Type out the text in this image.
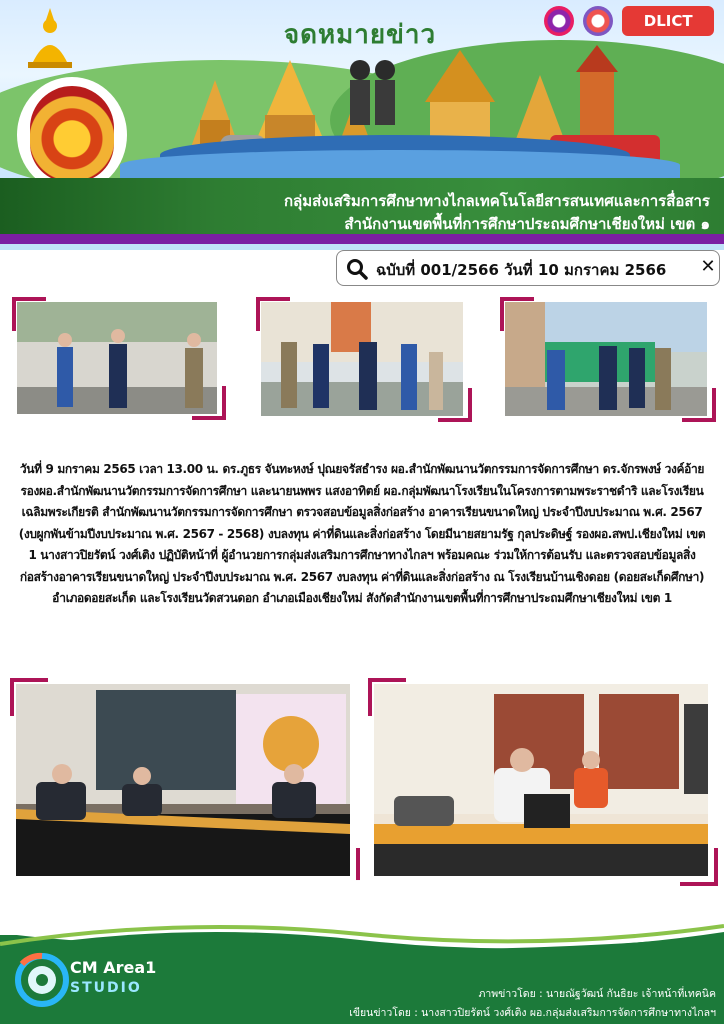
จดหมายข่าว	DLICT
กลุ่มส่งเสริมการศึกษาทางไกลเทคโนโลยีสารสนเทศและการสื่อสาร
สำนักงานเขตพื้นที่การศึกษาประถมศึกษาเชียงใหม่ เขต ๑
ฉบับที่ 001/2566 วันที่ 10 มกราคม 2566	✕
วันที่ 9 มกราคม 2565 เวลา 13.00 น. ดร.ภูธร จันทะหงษ์ ปุณยจรัสธำรง ผอ.สำนักพัฒนานวัตกรรมการจัดการศึกษา ดร.จักรพงษ์ วงค์อ้าย รองผอ.สำนักพัฒนานวัตกรรมการจัดการศึกษา และนายนพพร แสงอาทิตย์ ผอ.กลุ่มพัฒนาโรงเรียนในโครงการตามพระราชดำริ และโรงเรียนเฉลิมพระเกียรติ สำนักพัฒนานวัตกรรมการจัดการศึกษา ตรวจสอบข้อมูลสิ่งก่อสร้าง อาคารเรียนขนาดใหญ่ ประจำปีงบประมาณ พ.ศ. 2567 (งบผูกพันข้ามปีงบประมาณ พ.ศ. 2567 - 2568) งบลงทุน ค่าที่ดินและสิ่งก่อสร้าง โดยมีนายสยามรัฐ กุลประดิษฐ์ รองผอ.สพป.เชียงใหม่ เขต 1 นางสาวปิยรัตน์ วงศ์เติง ปฏิบัติหน้าที่ ผู้อำนวยการกลุ่มส่งเสริมการศึกษาทางไกลฯ พร้อมคณะ ร่วมให้การต้อนรับ และตรวจสอบข้อมูลสิ่งก่อสร้างอาคารเรียนขนาดใหญ่ ประจำปีงบประมาณ พ.ศ. 2567 งบลงทุน ค่าที่ดินและสิ่งก่อสร้าง ณ โรงเรียนบ้านเชิงดอย (ดอยสะเก็ดศึกษา) อำเภอดอยสะเก็ด และโรงเรียนวัดสวนดอก อำเภอเมืองเชียงใหม่ สังกัดสำนักงานเขตพื้นที่การศึกษาประถมศึกษาเชียงใหม่ เขต 1
CM Area1
STUDIO	ภาพข่าวโดย : นายณัฐวัฒน์ กันธิยะ เจ้าหน้าที่เทคนิค
เขียนข่าวโดย : นางสาวปิยรัตน์ วงศ์เติง ผอ.กลุ่มส่งเสริมการจัดการศึกษาทางไกลฯ
